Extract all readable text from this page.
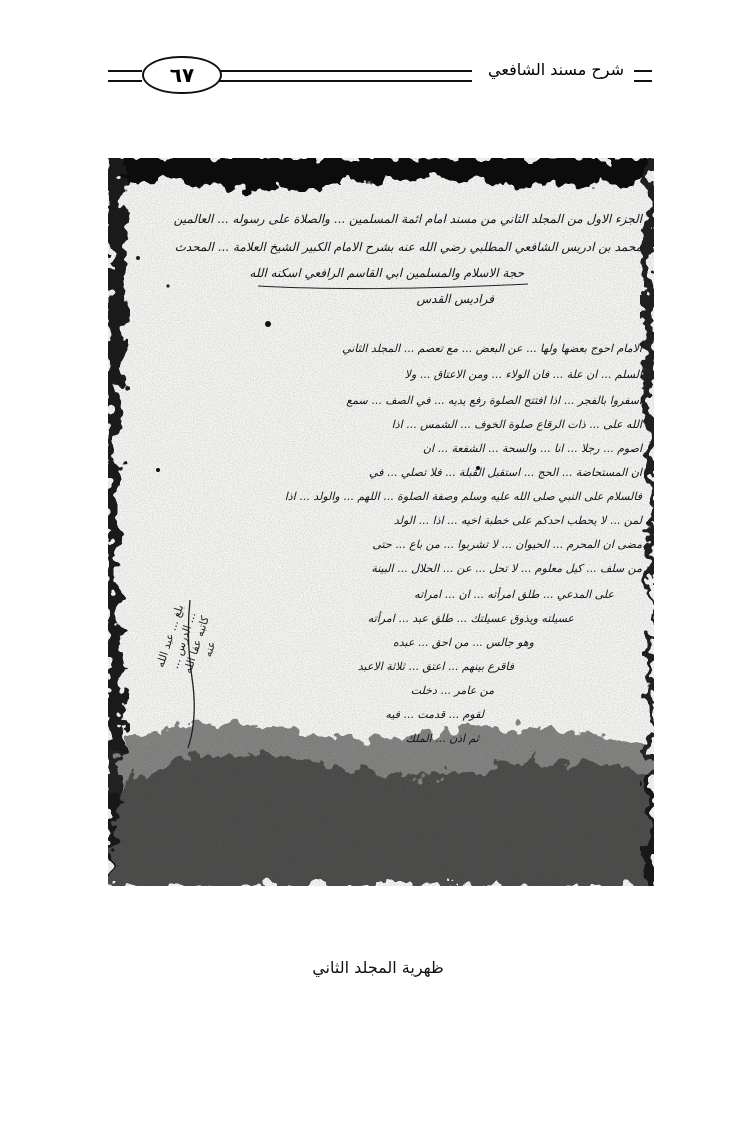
٦٧	شرح مسند الشافعي
الجزء الاول من المجلد الثاني من مسند امام ائمة المسلمين ... والصلاة على رسوله ... العالمين
محمد بن ادريس الشافعي المطلبي رضي الله عنه بشرح الامام الكبير الشيخ العلامة ... المحدث
حجة الاسلام والمسلمين ابي القاسم الرافعي اسكنه الله
فرادیس القدس
الامام احوج بعضها ولها ... عن البعض ... مع تعصم ... المجلد الثاني
السلم ... ان علة ... فان الولاء ... ومن الاعتاق ... ولا
اسفروا بالفجر ... اذا افتتح الصلوة رفع يديه ... في الصف ... سمع
الله على ... ذات الرقاع صلوة الخوف ... الشمس ... اذا
اصوم ... رجلا ... انا ... والسحة ... الشفعة ... ان
ان المستحاضة ... الحج ... استقبل القبلة ... فلا تصلي ... في
فالسلام على النبي صلى الله عليه وسلم وصفة الصلوة ... اللهم ... والولد ... اذا
لمن ... لا يحطب احدكم على خطبة اخيه ... اذا ... الولد
مضى ان المحرم ... الحيوان ... لا تشربوا ... من باع ... حتى
من سلف ... كيل معلوم ... لا تحل ... عن ... الحلال ... البينة
على المدعي ... طلق امرأته ... ان ... امراته
عسيلته ويذوق عسيلتك ... طلق عبد ... امرأته
وهو جالس ... من احق ... عبده
فاقرع بينهم ... اعتق ... ثلاثة الاعبد
من عامر ... دخلت
لقوم ... قدمت ... فيه
ثم اذن ... الملك
بلغ ... عبد الله ... الدرس ... كاتبه عفا الله عنه
ظهرية المجلد الثاني
